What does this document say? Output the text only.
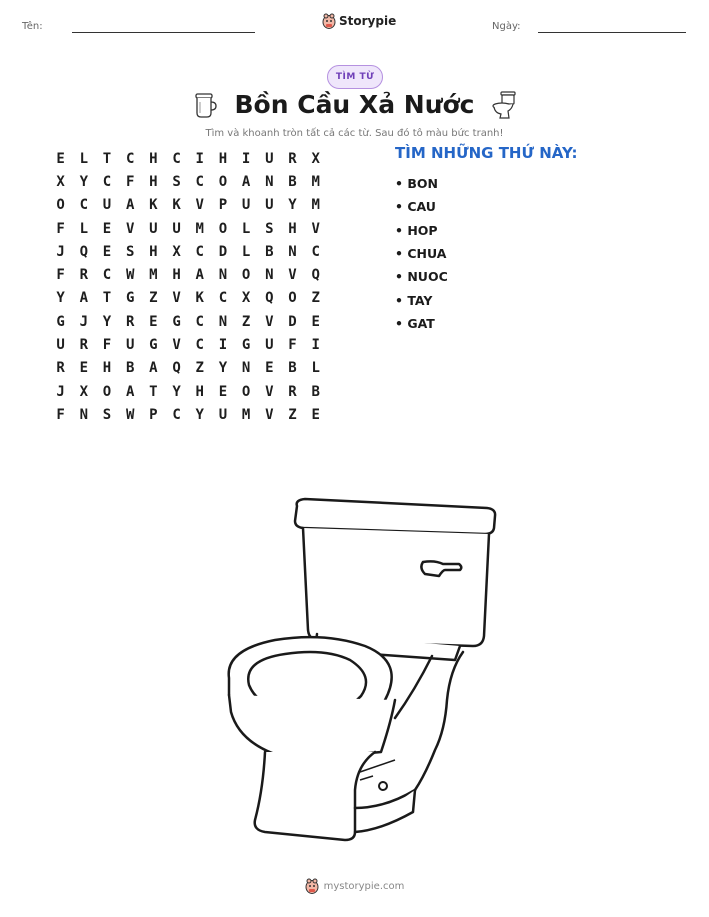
Tên:	Storypie	Ngày:
TÌM TỪ
Bồn Cầu Xả Nước
Tìm và khoanh tròn tất cả các từ. Sau đó tô màu bức tranh!
E	L	T	C	H	C	I	H	I	U	R	X
X	Y	C	F	H	S	C	O	A	N	B	M
O	C	U	A	K	K	V	P	U	U	Y	M
F	L	E	V	U	U	M	O	L	S	H	V
J	Q	E	S	H	X	C	D	L	B	N	C
F	R	C	W	M	H	A	N	O	N	V	Q
Y	A	T	G	Z	V	K	C	X	Q	O	Z
G	J	Y	R	E	G	C	N	Z	V	D	E
U	R	F	U	G	V	C	I	G	U	F	I
R	E	H	B	A	Q	Z	Y	N	E	B	L
J	X	O	A	T	Y	H	E	O	V	R	B
F	N	S	W	P	C	Y	U	M	V	Z	E
TÌM NHỮNG THỨ NÀY:
• BON
• CAU
• HOP
• CHUA
• NUOC
• TAY
• GAT
mystorypie.com
